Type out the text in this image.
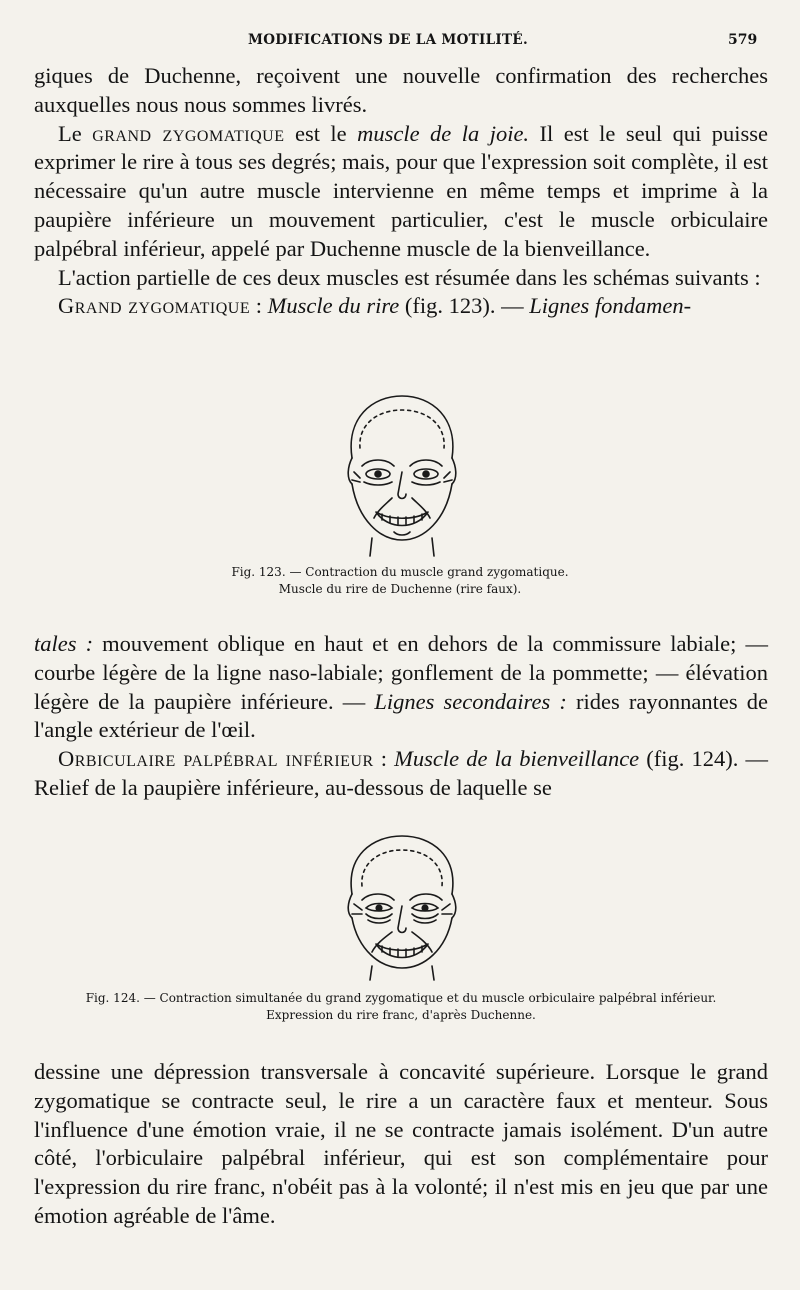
MODIFICATIONS DE LA MOTILITÉ.	579

giques de Duchenne, reçoivent une nouvelle confirmation des recherches auxquelles nous nous sommes livrés.

Le grand zygomatique est le muscle de la joie. Il est le seul qui puisse exprimer le rire à tous ses degrés; mais, pour que l'expression soit complète, il est nécessaire qu'un autre muscle intervienne en même temps et imprime à la paupière inférieure un mouvement particulier, c'est le muscle orbiculaire palpébral inférieur, appelé par Duchenne muscle de la bienveillance.

L'action partielle de ces deux muscles est résumée dans les schémas suivants :

Grand zygomatique : Muscle du rire (fig. 123). — Lignes fondamen-

Fig. 123. — Contraction du muscle grand zygomatique.
Muscle du rire de Duchenne (rire faux).

tales : mouvement oblique en haut et en dehors de la commissure labiale; — courbe légère de la ligne naso-labiale; gonflement de la pommette; — élévation légère de la paupière inférieure. — Lignes secondaires : rides rayonnantes de l'angle extérieur de l'œil.

Orbiculaire palpébral inférieur : Muscle de la bienveillance (fig. 124). — Relief de la paupière inférieure, au-dessous de laquelle se

Fig. 124. — Contraction simultanée du grand zygomatique et du muscle orbiculaire palpébral inférieur.
Expression du rire franc, d'après Duchenne.

dessine une dépression transversale à concavité supérieure. Lorsque le grand zygomatique se contracte seul, le rire a un caractère faux et menteur. Sous l'influence d'une émotion vraie, il ne se contracte jamais isolément. D'un autre côté, l'orbiculaire palpébral inférieur, qui est son complémentaire pour l'expression du rire franc, n'obéit pas à la volonté; il n'est mis en jeu que par une émotion agréable de l'âme.
